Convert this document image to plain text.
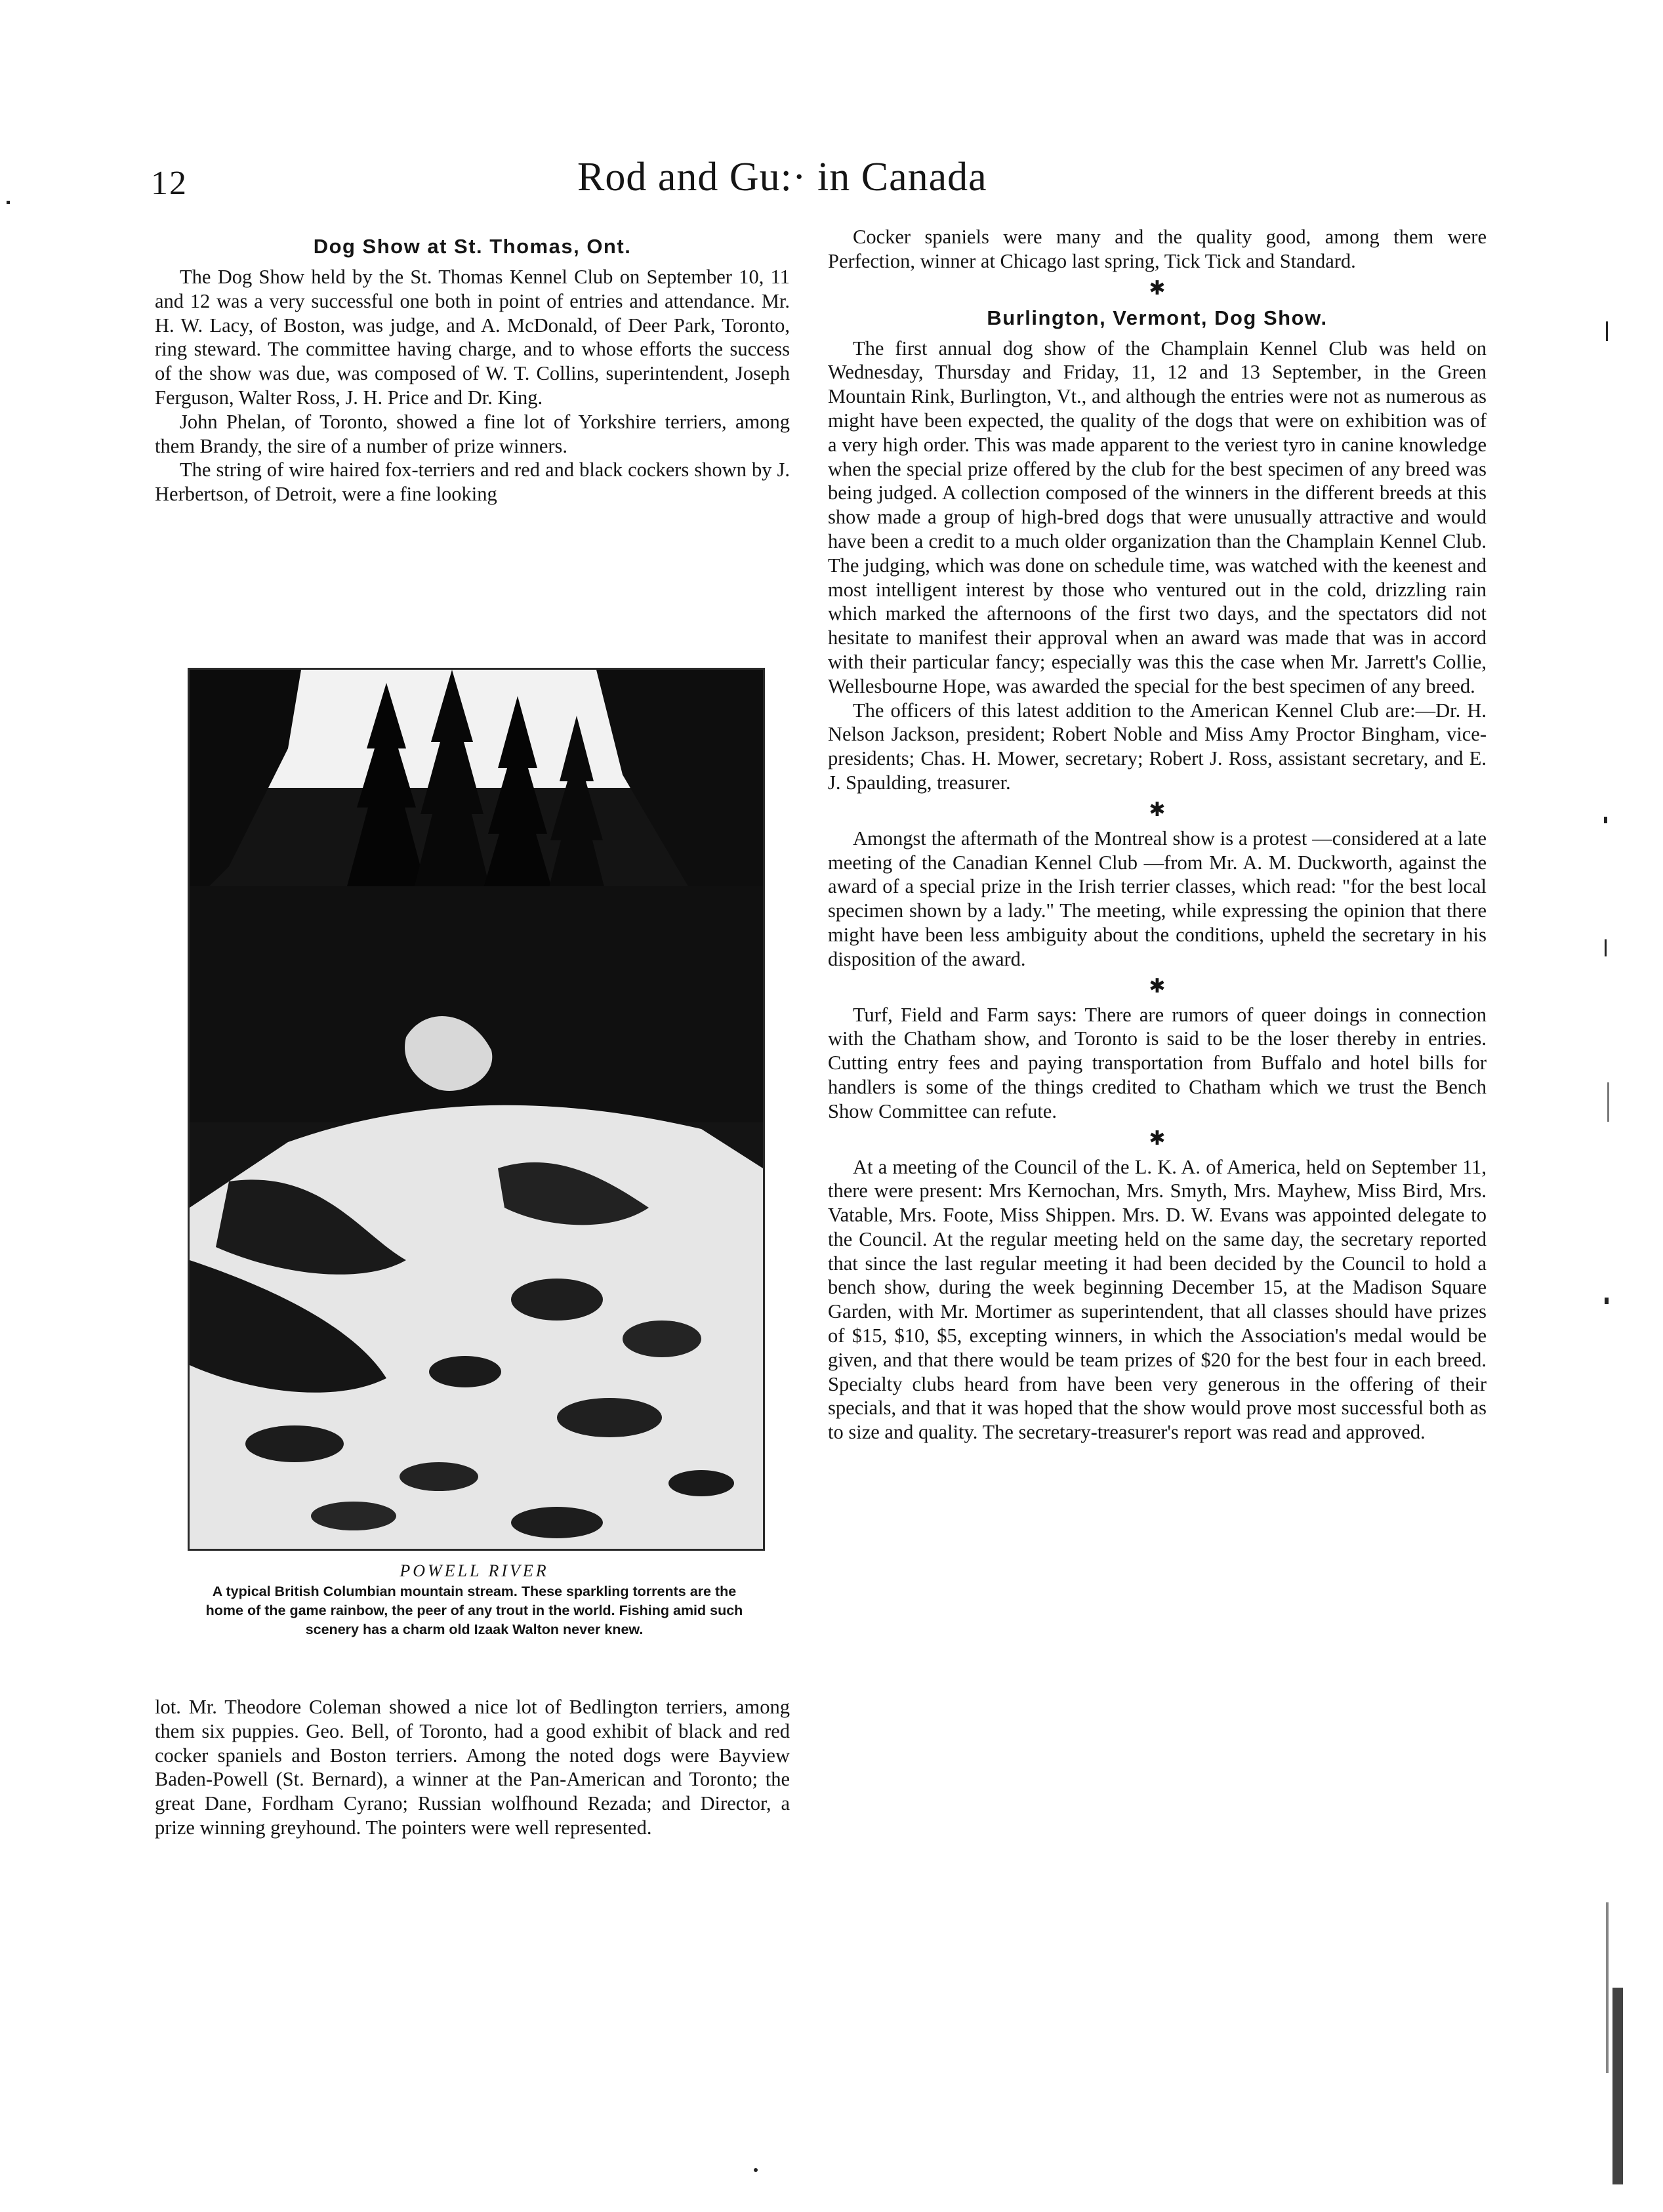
12	Rod and Gu:· in Canada
Dog Show at St. Thomas, Ont.

The Dog Show held by the St. Thomas Kennel Club on September 10, 11 and 12 was a very successful one both in point of entries and attendance. Mr. H. W. Lacy, of Boston, was judge, and A. McDonald, of Deer Park, Toronto, ring steward. The committee having charge, and to whose efforts the success of the show was due, was composed of W. T. Collins, superintendent, Joseph Ferguson, Walter Ross, J. H. Price and Dr. King.

John Phelan, of Toronto, showed a fine lot of Yorkshire terriers, among them Brandy, the sire of a number of prize winners.

The string of wire haired fox-terriers and red and black cockers shown by J. Herbertson, of Detroit, were a fine looking

POWELL RIVER
A typical British Columbian mountain stream. These sparkling torrents are the home of the game rainbow, the peer of any trout in the world. Fishing amid such scenery has a charm old Izaak Walton never knew.

lot. Mr. Theodore Coleman showed a nice lot of Bedlington terriers, among them six puppies. Geo. Bell, of Toronto, had a good exhibit of black and red cocker spaniels and Boston terriers. Among the noted dogs were Bayview Baden-Powell (St. Bernard), a winner at the Pan-American and Toronto; the great Dane, Fordham Cyrano; Russian wolfhound Rezada; and Director, a prize winning greyhound. The pointers were well represented.

Cocker spaniels were many and the quality good, among them were Perfection, winner at Chicago last spring, Tick Tick and Standard.

✱
Burlington, Vermont, Dog Show.

The first annual dog show of the Champlain Kennel Club was held on Wednesday, Thursday and Friday, 11, 12 and 13 September, in the Green Mountain Rink, Burlington, Vt., and although the entries were not as numerous as might have been expected, the quality of the dogs that were on exhibition was of a very high order. This was made apparent to the veriest tyro in canine knowledge when the special prize offered by the club for the best specimen of any breed was being judged. A collection composed of the winners in the different breeds at this show made a group of high-bred dogs that were unusually attractive and would have been a credit to a much older organization than the Champlain Kennel Club. The judging, which was done on schedule time, was watched with the keenest and most intelligent interest by those who ventured out in the cold, drizzling rain which marked the afternoons of the first two days, and the spectators did not hesitate to manifest their approval when an award was made that was in accord with their particular fancy; especially was this the case when Mr. Jarrett's Collie, Wellesbourne Hope, was awarded the special for the best specimen of any breed.

The officers of this latest addition to the American Kennel Club are:—Dr. H. Nelson Jackson, president; Robert Noble and Miss Amy Proctor Bingham, vice-presidents; Chas. H. Mower, secretary; Robert J. Ross, assistant secretary, and E. J. Spaulding, treasurer.

✱

Amongst the aftermath of the Montreal show is a protest —considered at a late meeting of the Canadian Kennel Club —from Mr. A. M. Duckworth, against the award of a special prize in the Irish terrier classes, which read: "for the best local specimen shown by a lady." The meeting, while expressing the opinion that there might have been less ambiguity about the conditions, upheld the secretary in his disposition of the award.

✱

Turf, Field and Farm says: There are rumors of queer doings in connection with the Chatham show, and Toronto is said to be the loser thereby in entries. Cutting entry fees and paying transportation from Buffalo and hotel bills for handlers is some of the things credited to Chatham which we trust the Bench Show Committee can refute.

✱

At a meeting of the Council of the L. K. A. of America, held on September 11, there were present: Mrs Kernochan, Mrs. Smyth, Mrs. Mayhew, Miss Bird, Mrs. Vatable, Mrs. Foote, Miss Shippen. Mrs. D. W. Evans was appointed delegate to the Council. At the regular meeting held on the same day, the secretary reported that since the last regular meeting it had been decided by the Council to hold a bench show, during the week beginning December 15, at the Madison Square Garden, with Mr. Mortimer as superintendent, that all classes should have prizes of $15, $10, $5, excepting winners, in which the Association's medal would be given, and that there would be team prizes of $20 for the best four in each breed. Specialty clubs heard from have been very generous in the offering of their specials, and that it was hoped that the show would prove most successful both as to size and quality. The secretary-treasurer's report was read and approved.
